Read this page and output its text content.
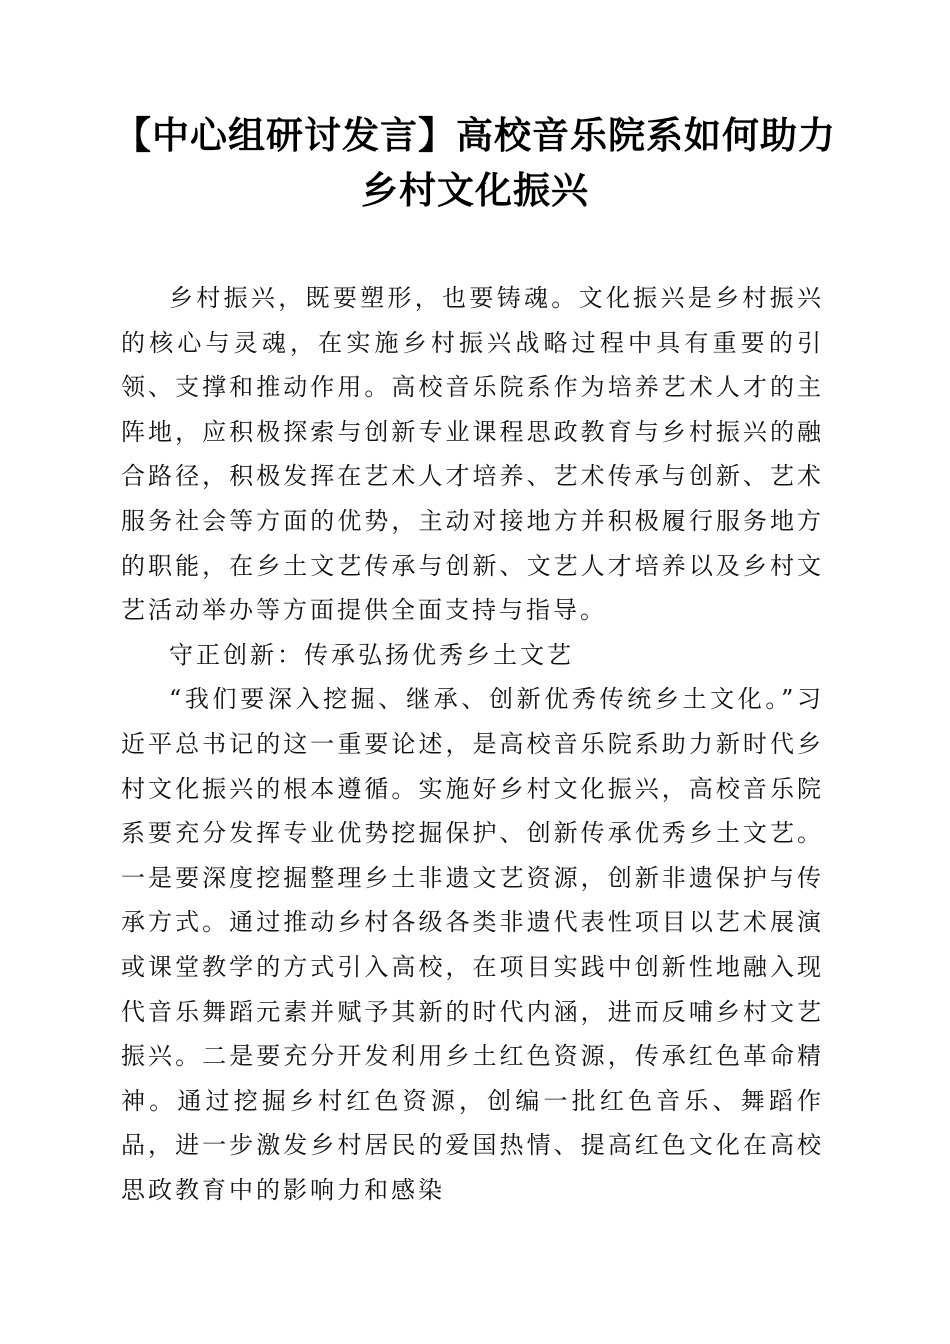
【中心组研讨发言】高校音乐院系如何助力乡村文化振兴

乡村振兴，既要塑形，也要铸魂。文化振兴是乡村振兴的核心与灵魂，在实施乡村振兴战略过程中具有重要的引领、支撑和推动作用。高校音乐院系作为培养艺术人才的主阵地，应积极探索与创新专业课程思政教育与乡村振兴的融合路径，积极发挥在艺术人才培养、艺术传承与创新、艺术服务社会等方面的优势，主动对接地方并积极履行服务地方的职能，在乡土文艺传承与创新、文艺人才培养以及乡村文艺活动举办等方面提供全面支持与指导。

守正创新：传承弘扬优秀乡土文艺

“我们要深入挖掘、继承、创新优秀传统乡土文化。”习近平总书记的这一重要论述，是高校音乐院系助力新时代乡村文化振兴的根本遵循。实施好乡村文化振兴，高校音乐院系要充分发挥专业优势挖掘保护、创新传承优秀乡土文艺。一是要深度挖掘整理乡土非遗文艺资源，创新非遗保护与传承方式。通过推动乡村各级各类非遗代表性项目以艺术展演或课堂教学的方式引入高校，在项目实践中创新性地融入现代音乐舞蹈元素并赋予其新的时代内涵，进而反哺乡村文艺振兴。二是要充分开发利用乡土红色资源，传承红色革命精神。通过挖掘乡村红色资源，创编一批红色音乐、舞蹈作品，进一步激发乡村居民的爱国热情、提高红色文化在高校思政教育中的影响力和感染
